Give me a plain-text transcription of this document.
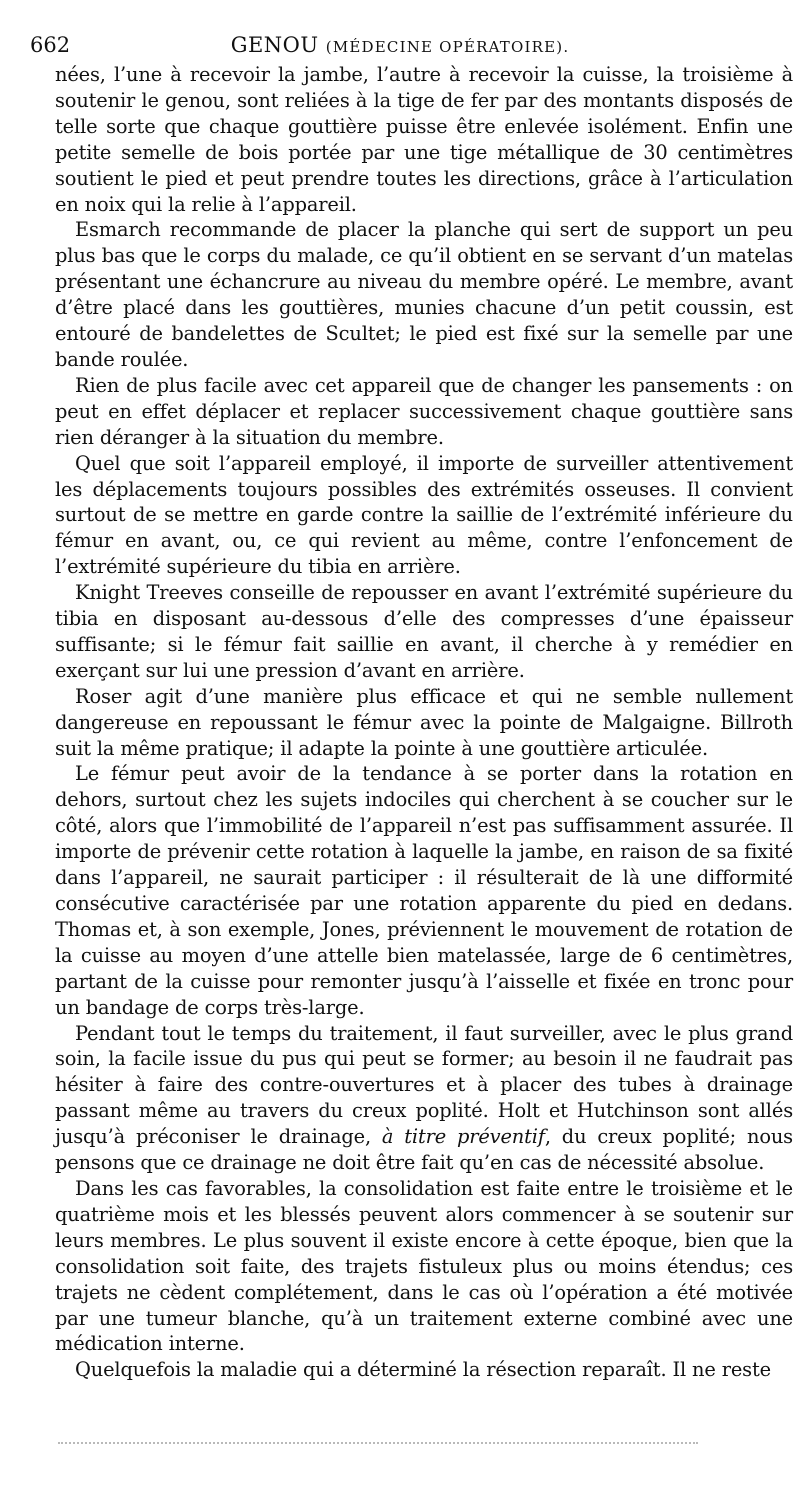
662	GENOU (MÉDECINE OPÉRATOIRE).

nées, l’une à recevoir la jambe, l’autre à recevoir la cuisse, la troisième à soutenir le genou, sont reliées à la tige de fer par des montants disposés de telle sorte que chaque gouttière puisse être enlevée isolément. Enfin une petite semelle de bois portée par une tige métallique de 30 centimètres soutient le pied et peut prendre toutes les directions, grâce à l’articulation en noix qui la relie à l’appareil.

Esmarch recommande de placer la planche qui sert de support un peu plus bas que le corps du malade, ce qu’il obtient en se servant d’un matelas présentant une échancrure au niveau du membre opéré. Le membre, avant d’être placé dans les gouttières, munies chacune d’un petit coussin, est entouré de bandelettes de Scultet; le pied est fixé sur la semelle par une bande roulée.

Rien de plus facile avec cet appareil que de changer les pansements : on peut en effet déplacer et replacer successivement chaque gouttière sans rien déranger à la situation du membre.

Quel que soit l’appareil employé, il importe de surveiller attentivement les déplacements toujours possibles des extrémités osseuses. Il convient surtout de se mettre en garde contre la saillie de l’extrémité inférieure du fémur en avant, ou, ce qui revient au même, contre l’enfoncement de l’extrémité supérieure du tibia en arrière.

Knight Treeves conseille de repousser en avant l’extrémité supérieure du tibia en disposant au-dessous d’elle des compresses d’une épaisseur suffisante; si le fémur fait saillie en avant, il cherche à y remédier en exerçant sur lui une pression d’avant en arrière.

Roser agit d’une manière plus efficace et qui ne semble nullement dangereuse en repoussant le fémur avec la pointe de Malgaigne. Billroth suit la même pratique; il adapte la pointe à une gouttière articulée.

Le fémur peut avoir de la tendance à se porter dans la rotation en dehors, surtout chez les sujets indociles qui cherchent à se coucher sur le côté, alors que l’immobilité de l’appareil n’est pas suffisamment assurée. Il importe de prévenir cette rotation à laquelle la jambe, en raison de sa fixité dans l’appareil, ne saurait participer : il résulterait de là une difformité consécutive caractérisée par une rotation apparente du pied en dedans. Thomas et, à son exemple, Jones, préviennent le mouvement de rotation de la cuisse au moyen d’une attelle bien matelassée, large de 6 centimètres, partant de la cuisse pour remonter jusqu’à l’aisselle et fixée en tronc pour un bandage de corps très-large.

Pendant tout le temps du traitement, il faut surveiller, avec le plus grand soin, la facile issue du pus qui peut se former; au besoin il ne faudrait pas hésiter à faire des contre-ouvertures et à placer des tubes à drainage passant même au travers du creux poplité. Holt et Hutchinson sont allés jusqu’à préconiser le drainage, à titre préventif, du creux poplité; nous pensons que ce drainage ne doit être fait qu’en cas de nécessité absolue.

Dans les cas favorables, la consolidation est faite entre le troisième et le quatrième mois et les blessés peuvent alors commencer à se soutenir sur leurs membres. Le plus souvent il existe encore à cette époque, bien que la consolidation soit faite, des trajets fistuleux plus ou moins étendus; ces trajets ne cèdent complétement, dans le cas où l’opération a été motivée par une tumeur blanche, qu’à un traitement externe combiné avec une médication interne.

Quelquefois la maladie qui a déterminé la résection reparaît. Il ne reste
